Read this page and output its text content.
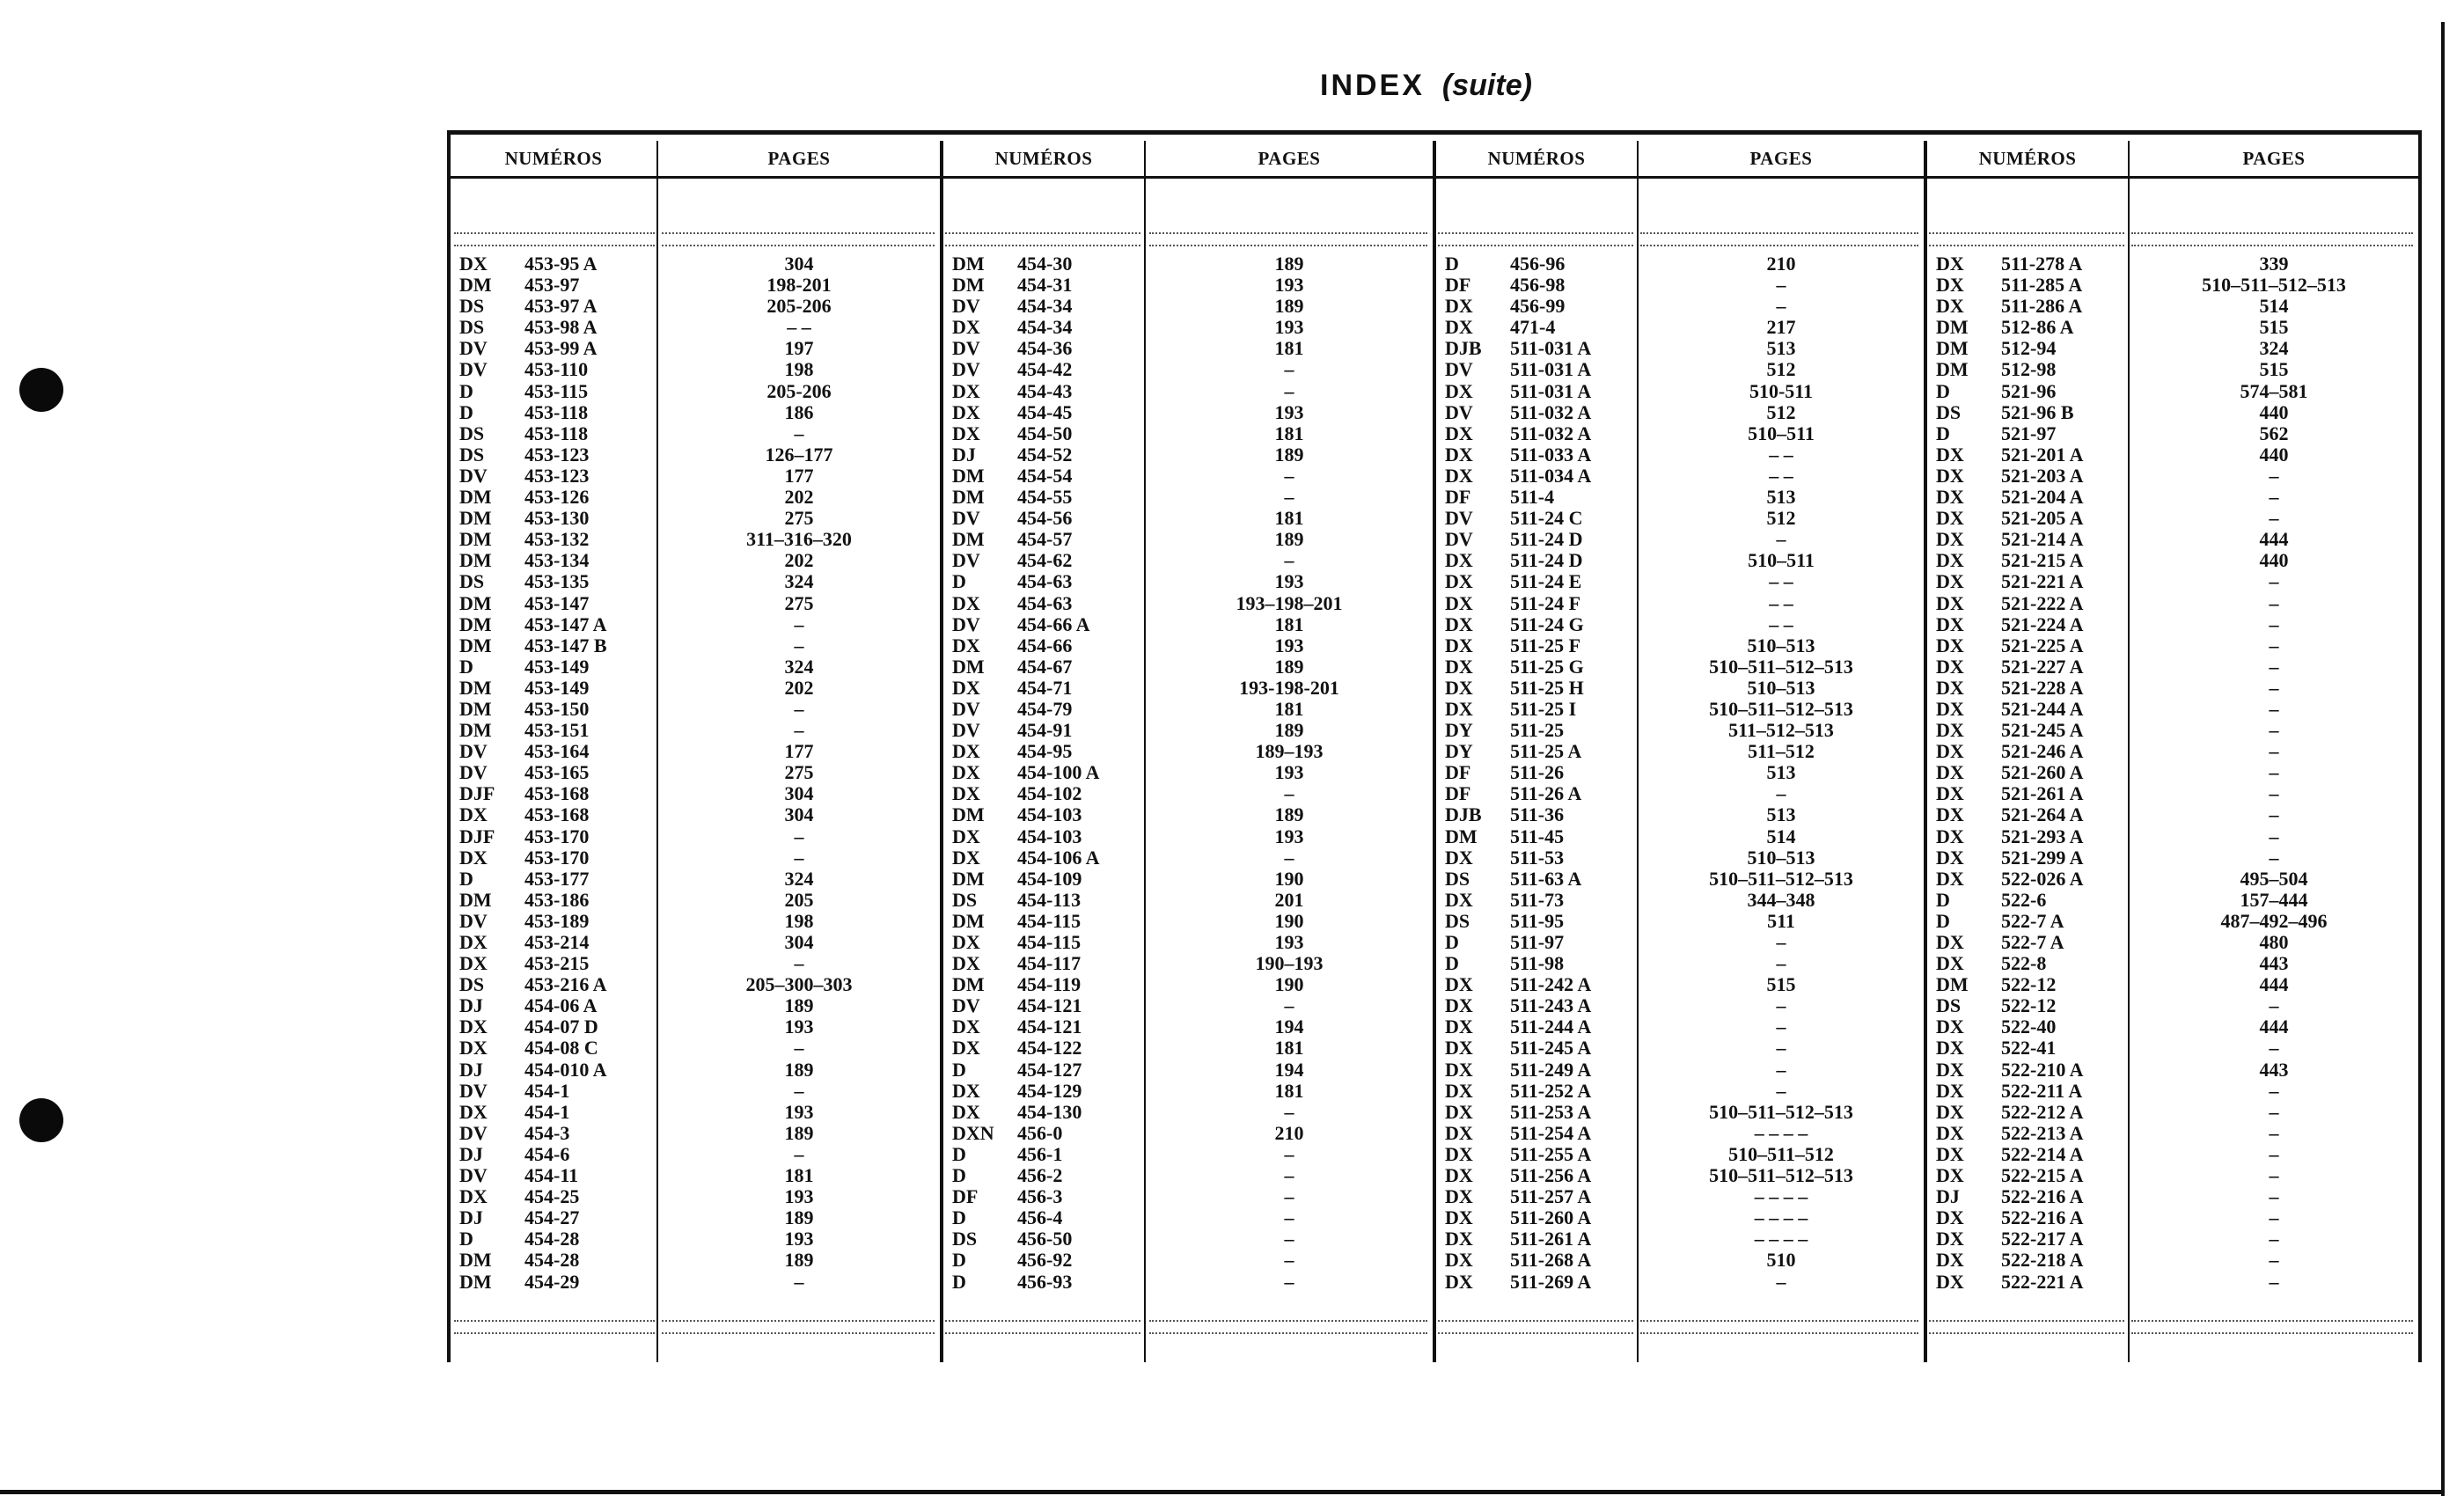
INDEX (suite)
NUMÉROS	PAGES	NUMÉROS	PAGES	NUMÉROS	PAGES	NUMÉROS	PAGES
DX 453-95 A	304
DM 453-97	198-201
DS 453-97 A	205-206
DS 453-98 A	– –
DV 453-99 A	197
DV 453-110	198
D	453-115	205-206
D	453-118	186
DS 453-118	–
DS 453-123	126–177
DV 453-123	177
DM 453-126	202
DM 453-130	275
DM 453-132	311–316–320
DM 453-134	202
DS 453-135	324
DM 453-147	275
DM 453-147 A	–
DM 453-147 B	–
D	453-149	324
DM 453-149	202
DM 453-150	–
DM 453-151	–
DV 453-164	177
DV 453-165	275
DJF 453-168	304
DX 453-168	304
DJF 453-170	–
DX 453-170	–
D	453-177	324
DM 453-186	205
DV 453-189	198
DX 453-214	304
DX 453-215	–
DS 453-216 A	205–300–303
DJ 454-06 A	189
DX 454-07 D	193
DX 454-08 C	–
DJ 454-010 A	189
DV 454-1	–
DX 454-1	193
DV 454-3	189
DJ 454-6	–
DV 454-11	181
DX 454-25	193
DJ 454-27	189
D	454-28	193
DM 454-28	189
DM 454-29	–
DM 454-30	189
DM 454-31	193
DV 454-34	189
DX 454-34	193
DV 454-36	181
DV 454-42	–
DX 454-43	–
DX 454-45	193
DX 454-50	181
DJ 454-52	189
DM 454-54	–
DM 454-55	–
DV 454-56	181
DM 454-57	189
DV 454-62	–
D	454-63	193
DX 454-63	193–198–201
DV 454-66 A	181
DX 454-66	193
DM 454-67	189
DX 454-71	193-198-201
DV 454-79	181
DV 454-91	189
DX 454-95	189–193
DX 454-100 A	193
DX 454-102	–
DM 454-103	189
DX 454-103	193
DX 454-106 A	–
DM 454-109	190
DS 454-113	201
DM 454-115	190
DX 454-115	193
DX 454-117	190–193
DM 454-119	190
DV 454-121	–
DX 454-121	194
DX 454-122	181
D	454-127	194
DX 454-129	181
DX 454-130	–
DXN 456-0	210
D	456-1	–
D	456-2	–
DF 456-3	–
D	456-4	–
DS 456-50	–
D	456-92	–
D	456-93	–
D	456-96	210
DF 456-98	–
DX 456-99	–
DX 471-4	217
DJB 511-031 A	513
DV 511-031 A	512
DX 511-031 A	510-511
DV 511-032 A	512
DX 511-032 A	510–511
DX 511-033 A	– –
DX 511-034 A	– –
DF 511-4	513
DV 511-24 C	512
DV 511-24 D	–
DX 511-24 D	510–511
DX 511-24 E	– –
DX 511-24 F	– –
DX 511-24 G	– –
DX 511-25 F	510–513
DX 511-25 G	510–511–512–513
DX 511-25 H	510–513
DX 511-25 I	510–511–512–513
DY 511-25	511–512–513
DY 511-25 A	511–512
DF 511-26	513
DF 511-26 A	–
DJB 511-36	513
DM 511-45	514
DX 511-53	510–513
DS 511-63 A	510–511–512–513
DX 511-73	344–348
DS 511-95	511
D	511-97	–
D	511-98	–
DX 511-242 A	515
DX 511-243 A	–
DX 511-244 A	–
DX 511-245 A	–
DX 511-249 A	–
DX 511-252 A	–
DX 511-253 A	510–511–512–513
DX 511-254 A	– – – –
DX 511-255 A	510–511–512
DX 511-256 A	510–511–512–513
DX 511-257 A	– – – –
DX 511-260 A	– – – –
DX 511-261 A	– – – –
DX 511-268 A	510
DX 511-269 A	–
DX 511-278 A	339
DX 511-285 A	510–511–512–513
DX 511-286 A	514
DM 512-86 A	515
DM 512-94	324
DM 512-98	515
D	521-96	574–581
DS 521-96 B	440
D	521-97	562
DX 521-201 A	440
DX 521-203 A	–
DX 521-204 A	–
DX 521-205 A	–
DX 521-214 A	444
DX 521-215 A	440
DX 521-221 A	–
DX 521-222 A	–
DX 521-224 A	–
DX 521-225 A	–
DX 521-227 A	–
DX 521-228 A	–
DX 521-244 A	–
DX 521-245 A	–
DX 521-246 A	–
DX 521-260 A	–
DX 521-261 A	–
DX 521-264 A	–
DX 521-293 A	–
DX 521-299 A	–
DX 522-026 A	495–504
D	522-6	157–444
D	522-7 A	487–492–496
DX 522-7 A	480
DX 522-8	443
DM 522-12	444
DS 522-12	–
DX 522-40	444
DX 522-41	–
DX 522-210 A	443
DX 522-211 A	–
DX 522-212 A	–
DX 522-213 A	–
DX 522-214 A	–
DX 522-215 A	–
DJ 522-216 A	–
DX 522-216 A	–
DX 522-217 A	–
DX 522-218 A	–
DX 522-221 A	–
